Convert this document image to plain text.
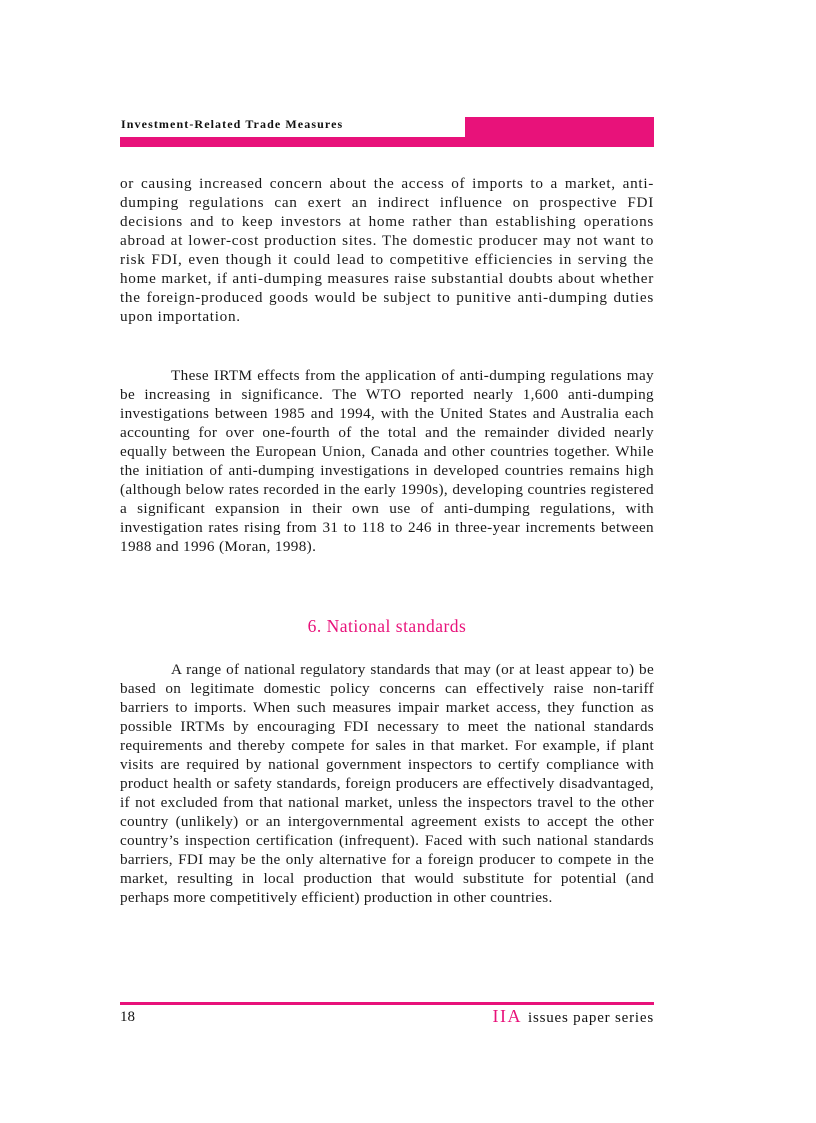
Investment-Related Trade Measures

or causing increased concern about the access of imports to a market, anti-dumping regulations can exert an indirect influence on prospective FDI decisions and to keep investors at home rather than establishing operations abroad at lower-cost production sites. The domestic producer may not want to risk FDI, even though it could lead to competitive efficiencies in serving the home market, if anti-dumping measures raise substantial doubts about whether the foreign-produced goods would be subject to punitive anti-dumping duties upon importation.

These IRTM effects from the application of anti-dumping regulations may be increasing in significance. The WTO reported nearly 1,600 anti-dumping investigations between 1985 and 1994, with the United States and Australia each accounting for over one-fourth of the total and the remainder divided nearly equally between the European Union, Canada and other countries together. While the initiation of anti-dumping investigations in developed countries remains high (although below rates recorded in the early 1990s), developing countries registered a significant expansion in their own use of anti-dumping regulations, with investigation rates rising from 31 to 118 to 246 in three-year increments between 1988 and 1996 (Moran, 1998).

6. National standards

A range of national regulatory standards that may (or at least appear to) be based on legitimate domestic policy concerns can effectively raise non-tariff barriers to imports. When such measures impair market access, they function as possible IRTMs by encouraging FDI necessary to meet the national standards requirements and thereby compete for sales in that market. For example, if plant visits are required by national government inspectors to certify compliance with product health or safety standards, foreign producers are effectively disadvantaged, if not excluded from that national market, unless the inspectors travel to the other country (unlikely) or an intergovernmental agreement exists to accept the other country’s inspection certification (infrequent). Faced with such national standards barriers, FDI may be the only alternative for a foreign producer to compete in the market, resulting in local production that would substitute for potential (and perhaps more competitively efficient) production in other countries.

18	IIA issues paper series
